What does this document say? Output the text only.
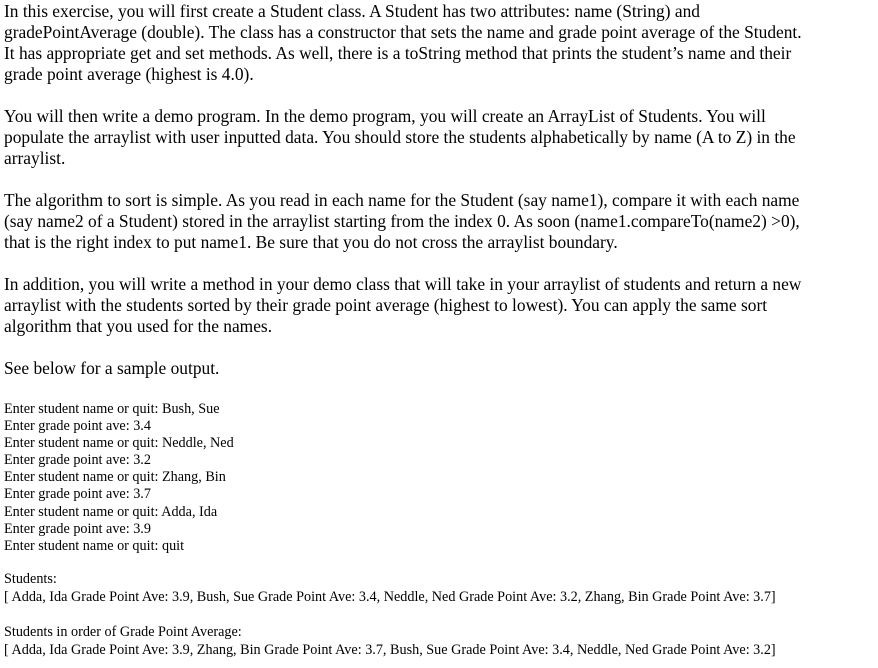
In this exercise, you will first create a Student class. A Student has two attributes: name (String) and
gradePointAverage (double). The class has a constructor that sets the name and grade point average of the Student.
It has appropriate get and set methods. As well, there is a toString method that prints the student’s name and their
grade point average (highest is 4.0).

You will then write a demo program. In the demo program, you will create an ArrayList of Students. You will
populate the arraylist with user inputted data. You should store the students alphabetically by name (A to Z) in the
arraylist.

The algorithm to sort is simple. As you read in each name for the Student (say name1), compare it with each name
(say name2 of a Student) stored in the arraylist starting from the index 0. As soon (name1.compareTo(name2) >0),
that is the right index to put name1. Be sure that you do not cross the arraylist boundary.

In addition, you will write a method in your demo class that will take in your arraylist of students and return a new
arraylist with the students sorted by their grade point average (highest to lowest). You can apply the same sort
algorithm that you used for the names.

See below for a sample output.

Enter student name or quit: Bush, Sue
Enter grade point ave: 3.4
Enter student name or quit: Neddle, Ned
Enter grade point ave: 3.2
Enter student name or quit: Zhang, Bin
Enter grade point ave: 3.7
Enter student name or quit: Adda, Ida
Enter grade point ave: 3.9
Enter student name or quit: quit
Students:
[ Adda, Ida Grade Point Ave: 3.9, Bush, Sue Grade Point Ave: 3.4, Neddle, Ned Grade Point Ave: 3.2, Zhang, Bin Grade Point Ave: 3.7]
Students in order of Grade Point Average:
[ Adda, Ida Grade Point Ave: 3.9, Zhang, Bin Grade Point Ave: 3.7, Bush, Sue Grade Point Ave: 3.4, Neddle, Ned Grade Point Ave: 3.2]
